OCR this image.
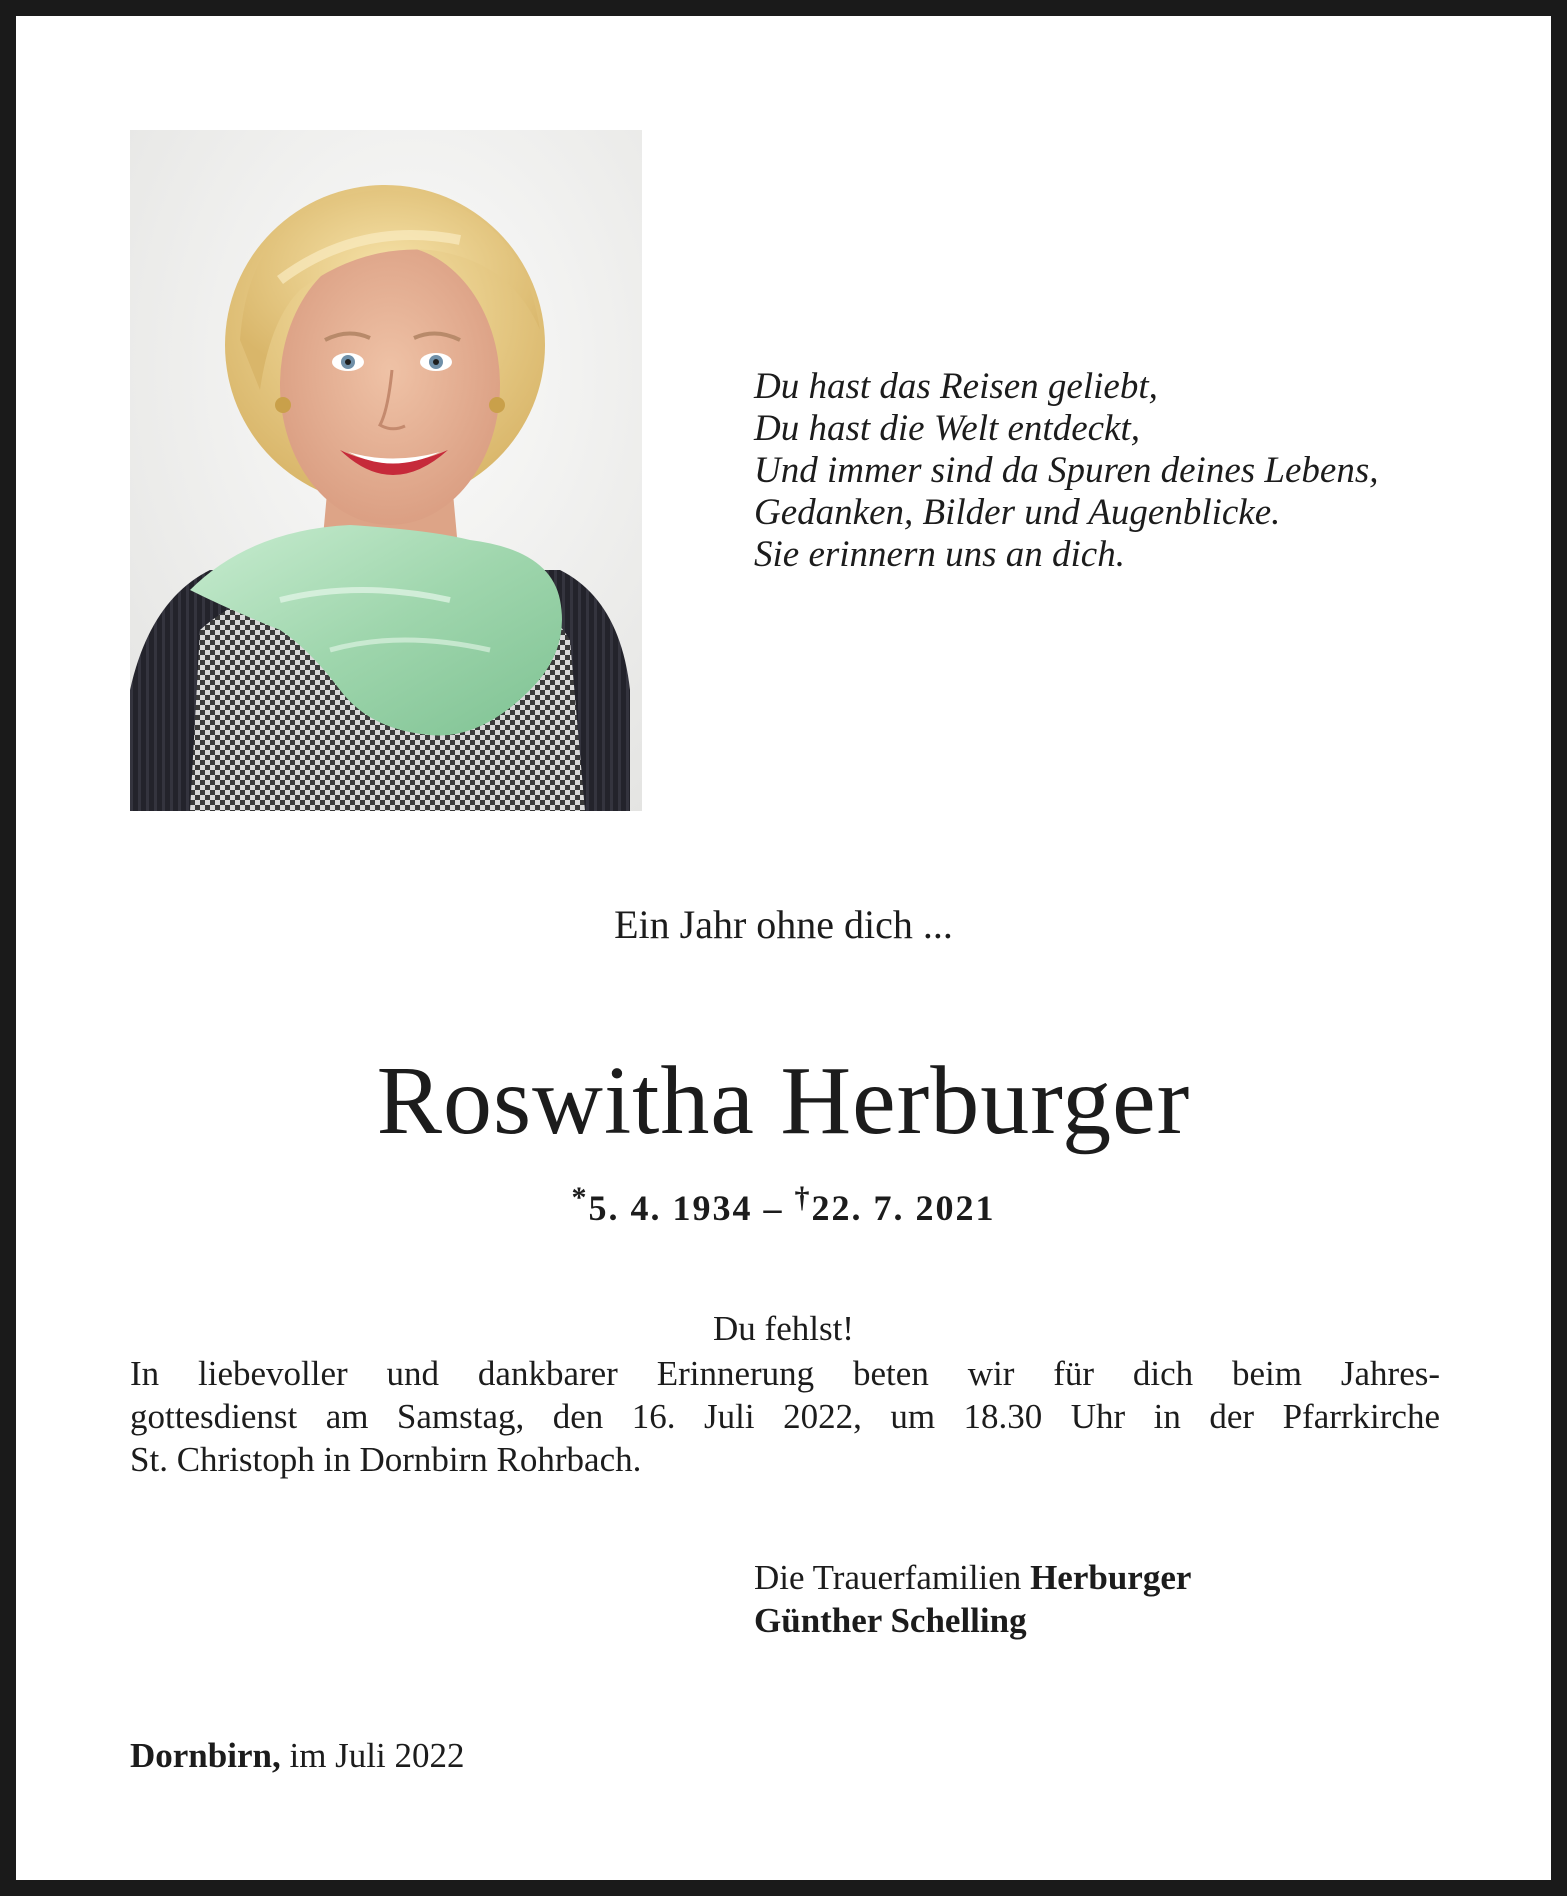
Du hast das Reisen geliebt,
Du hast die Welt entdeckt,
Und immer sind da Spuren deines Lebens,
Gedanken, Bilder und Augenblicke.
Sie erinnern uns an dich.
Ein Jahr ohne dich ...
Roswitha Herburger
*5. 4. 1934 – †22. 7. 2021
Du fehlst!
In liebevoller und dankbarer Erinnerung beten wir für dich beim Jahres-
gottesdienst am Samstag, den 16. Juli 2022, um 18.30 Uhr in der Pfarrkirche
St. Christoph in Dornbirn Rohrbach.
Die Trauerfamilien Herburger
Günther Schelling
Dornbirn, im Juli 2022
